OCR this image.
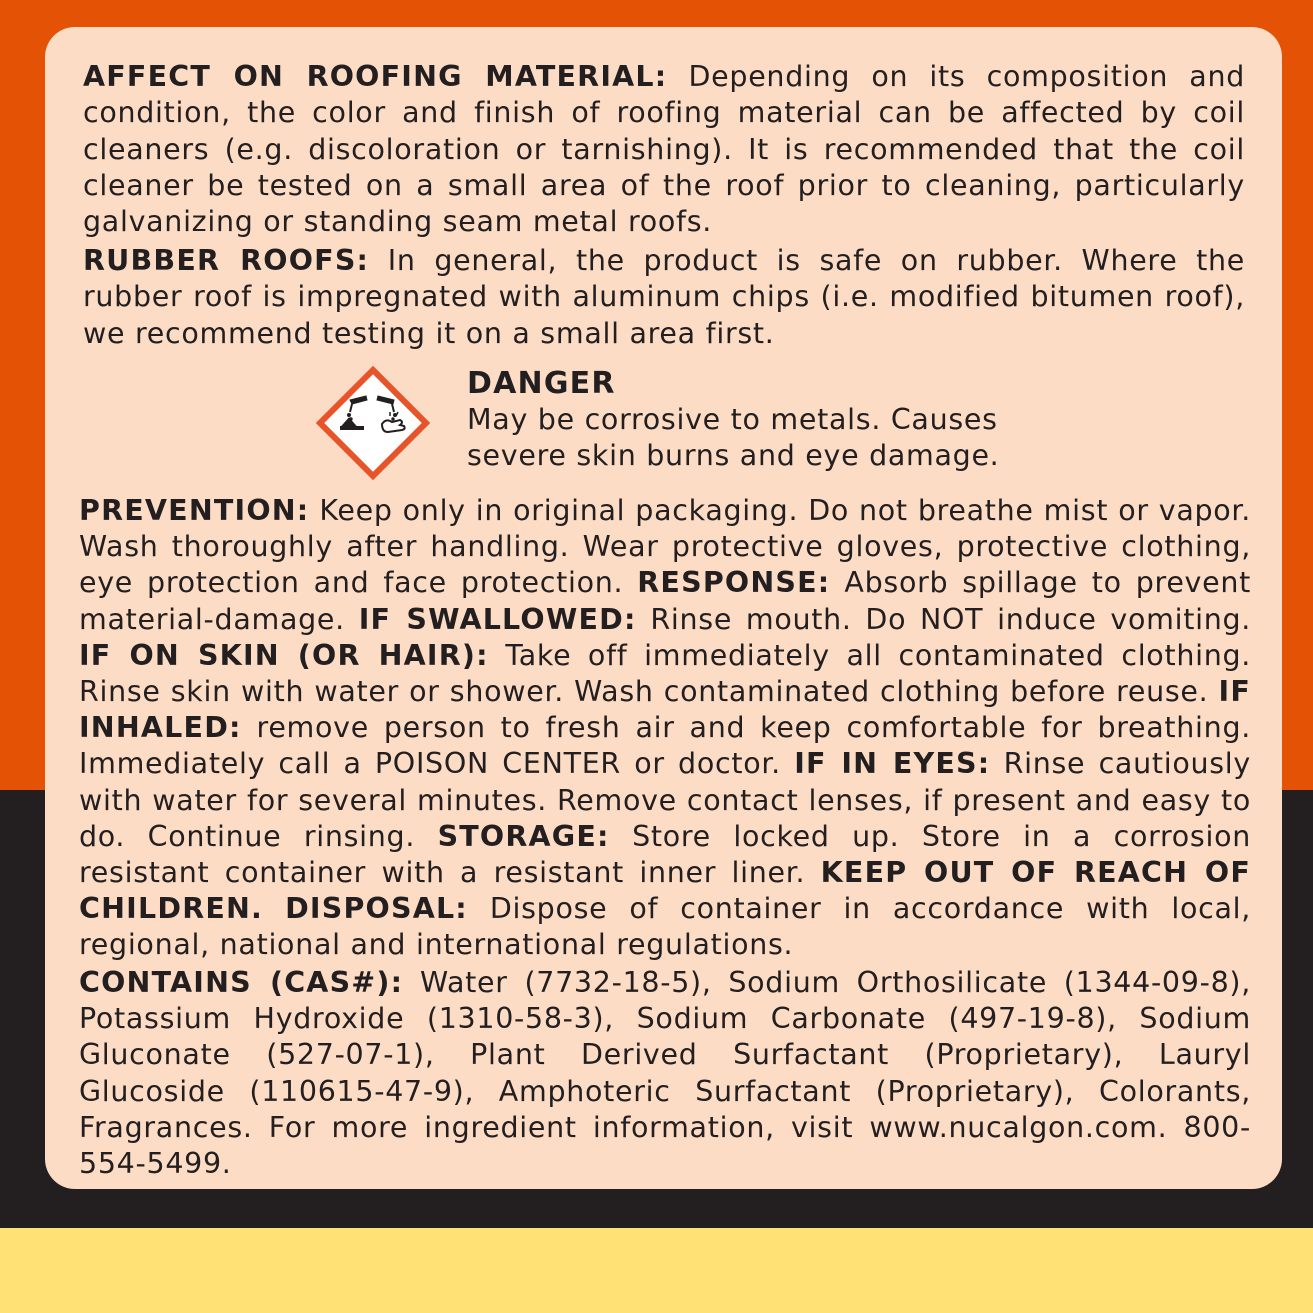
AFFECT ON ROOFING MATERIAL: Depending on its composition and condition, the color and finish of roofing material can be affected by coil cleaners (e.g. discoloration or tarnishing). It is recommended that the coil cleaner be tested on a small area of the roof prior to cleaning, particularly galvanizing or standing seam metal roofs.

RUBBER ROOFS: In general, the product is safe on rubber. Where the rubber roof is impregnated with aluminum chips (i.e. modified bitumen roof), we recommend testing it on a small area first.

DANGER
May be corrosive to metals. Causes
severe skin burns and eye damage.

PREVENTION: Keep only in original packaging. Do not breathe mist or vapor. Wash thoroughly after handling. Wear protective gloves, protective clothing, eye protection and face protection. RESPONSE: Absorb spillage to prevent material-damage. IF SWALLOWED: Rinse mouth. Do NOT induce vomiting. IF ON SKIN (OR HAIR): Take off immediately all contaminated clothing. Rinse skin with water or shower. Wash contaminated clothing before reuse. IF INHALED: remove person to fresh air and keep comfortable for breathing. Immediately call a POISON CENTER or doctor. IF IN EYES: Rinse cautiously with water for several minutes. Remove contact lenses, if present and easy to do. Continue rinsing. STORAGE: Store locked up. Store in a corrosion resistant container with a resistant inner liner. KEEP OUT OF REACH OF CHILDREN. DISPOSAL: Dispose of container in accordance with local, regional, national and international regulations.

CONTAINS (CAS#): Water (7732-18-5), Sodium Orthosilicate (1344-09-8), Potassium Hydroxide (1310-58-3), Sodium Carbonate (497-19-8), Sodium Gluconate (527-07-1), Plant Derived Surfactant (Proprietary), Lauryl Glucoside (110615-47-9), Amphoteric Surfactant (Proprietary), Colorants, Fragrances. For more ingredient information, visit www.nucalgon.com. 800-554-5499.
